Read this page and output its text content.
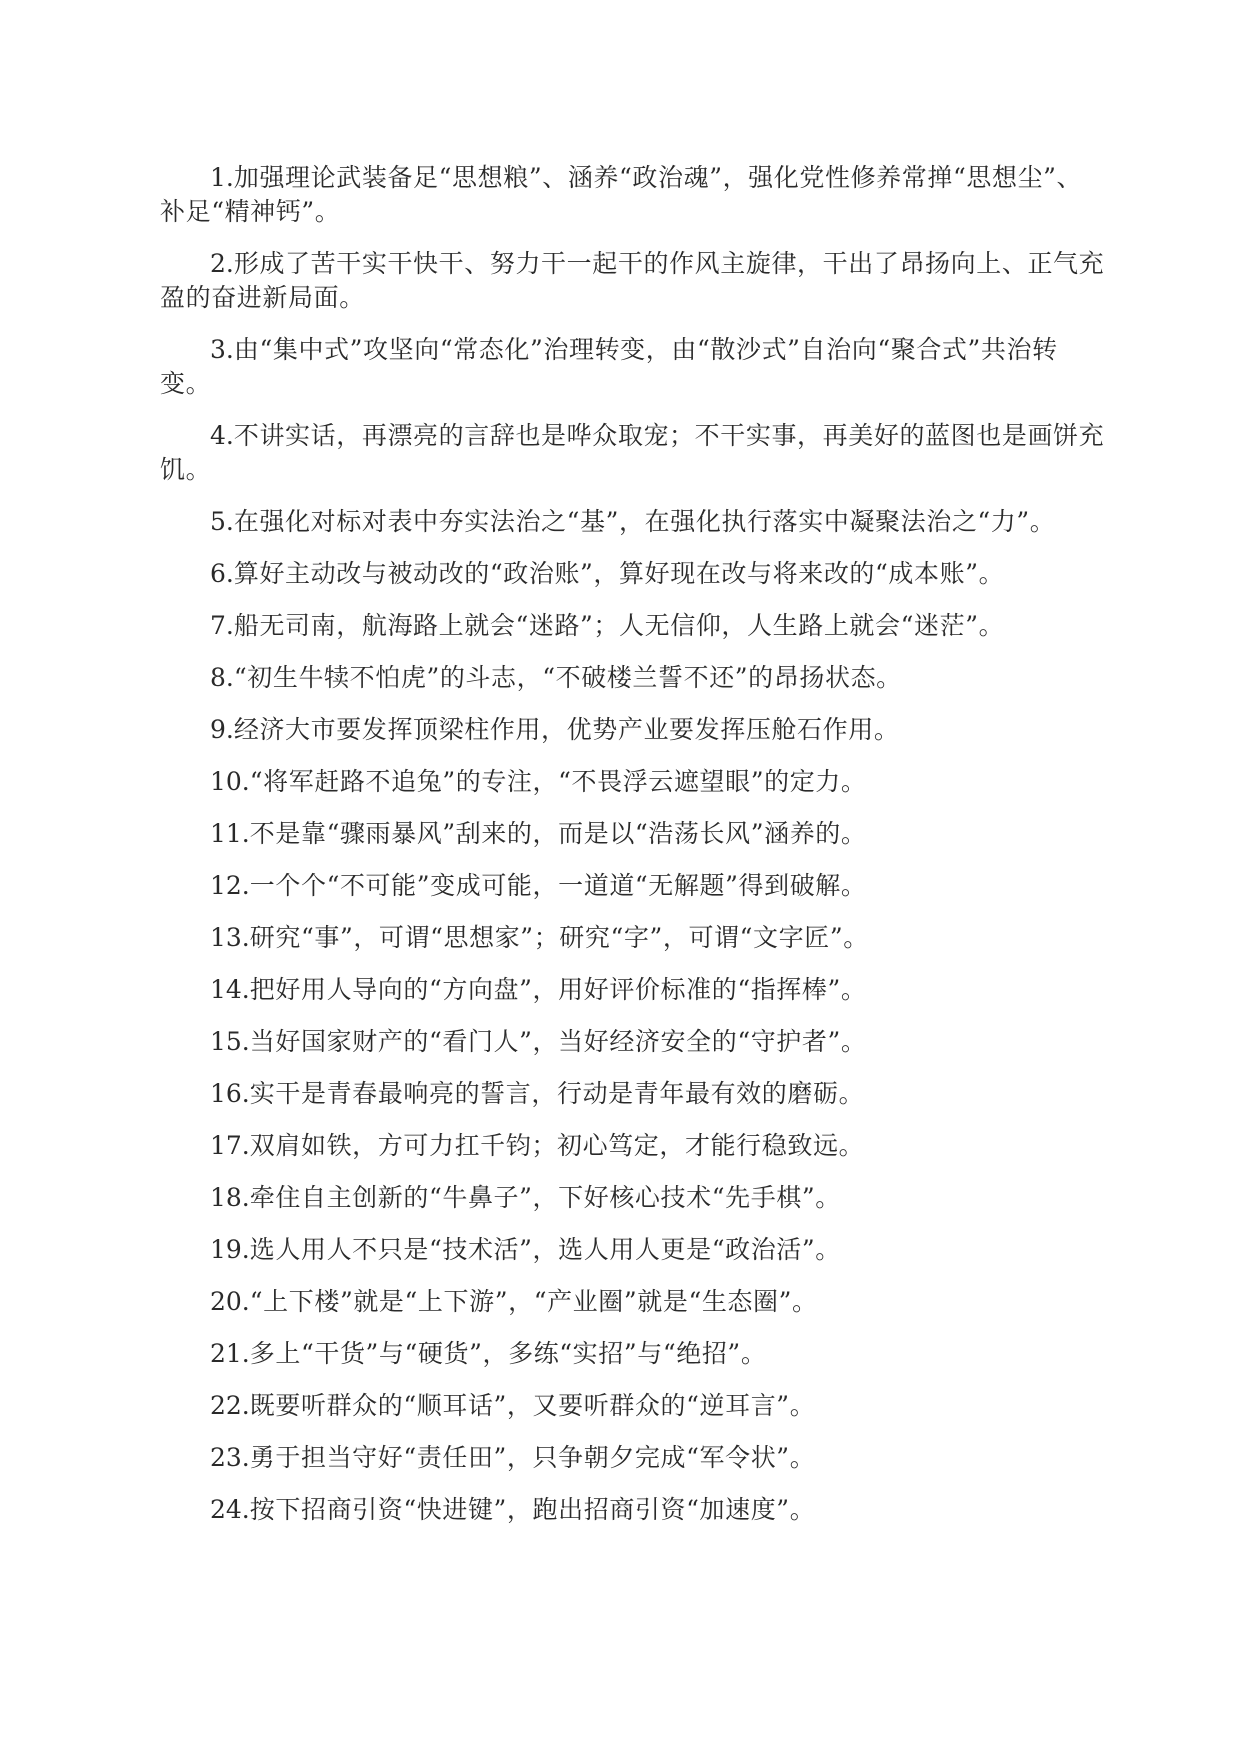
1.加强理论武装备足“思想粮”、涵养“政治魂”，强化党性修养常掸“思想尘”、补足“精神钙”。

2.形成了苦干实干快干、努力干一起干的作风主旋律，干出了昂扬向上、正气充盈的奋进新局面。

3.由“集中式”攻坚向“常态化”治理转变，由“散沙式”自治向“聚合式”共治转变。

4.不讲实话，再漂亮的言辞也是哗众取宠；不干实事，再美好的蓝图也是画饼充饥。

5.在强化对标对表中夯实法治之“基”，在强化执行落实中凝聚法治之“力”。

6.算好主动改与被动改的“政治账”，算好现在改与将来改的“成本账”。

7.船无司南，航海路上就会“迷路”；人无信仰，人生路上就会“迷茫”。

8.“初生牛犊不怕虎”的斗志，“不破楼兰誓不还”的昂扬状态。

9.经济大市要发挥顶梁柱作用，优势产业要发挥压舱石作用。

10.“将军赶路不追兔”的专注，“不畏浮云遮望眼”的定力。

11.不是靠“骤雨暴风”刮来的，而是以“浩荡长风”涵养的。

12.一个个“不可能”变成可能，一道道“无解题”得到破解。

13.研究“事”，可谓“思想家”；研究“字”，可谓“文字匠”。

14.把好用人导向的“方向盘”，用好评价标准的“指挥棒”。

15.当好国家财产的“看门人”，当好经济安全的“守护者”。

16.实干是青春最响亮的誓言，行动是青年最有效的磨砺。

17.双肩如铁，方可力扛千钧；初心笃定，才能行稳致远。

18.牵住自主创新的“牛鼻子”，下好核心技术“先手棋”。

19.选人用人不只是“技术活”，选人用人更是“政治活”。

20.“上下楼”就是“上下游”，“产业圈”就是“生态圈”。

21.多上“干货”与“硬货”，多练“实招”与“绝招”。

22.既要听群众的“顺耳话”，又要听群众的“逆耳言”。

23.勇于担当守好“责任田”，只争朝夕完成“军令状”。

24.按下招商引资“快进键”，跑出招商引资“加速度”。
